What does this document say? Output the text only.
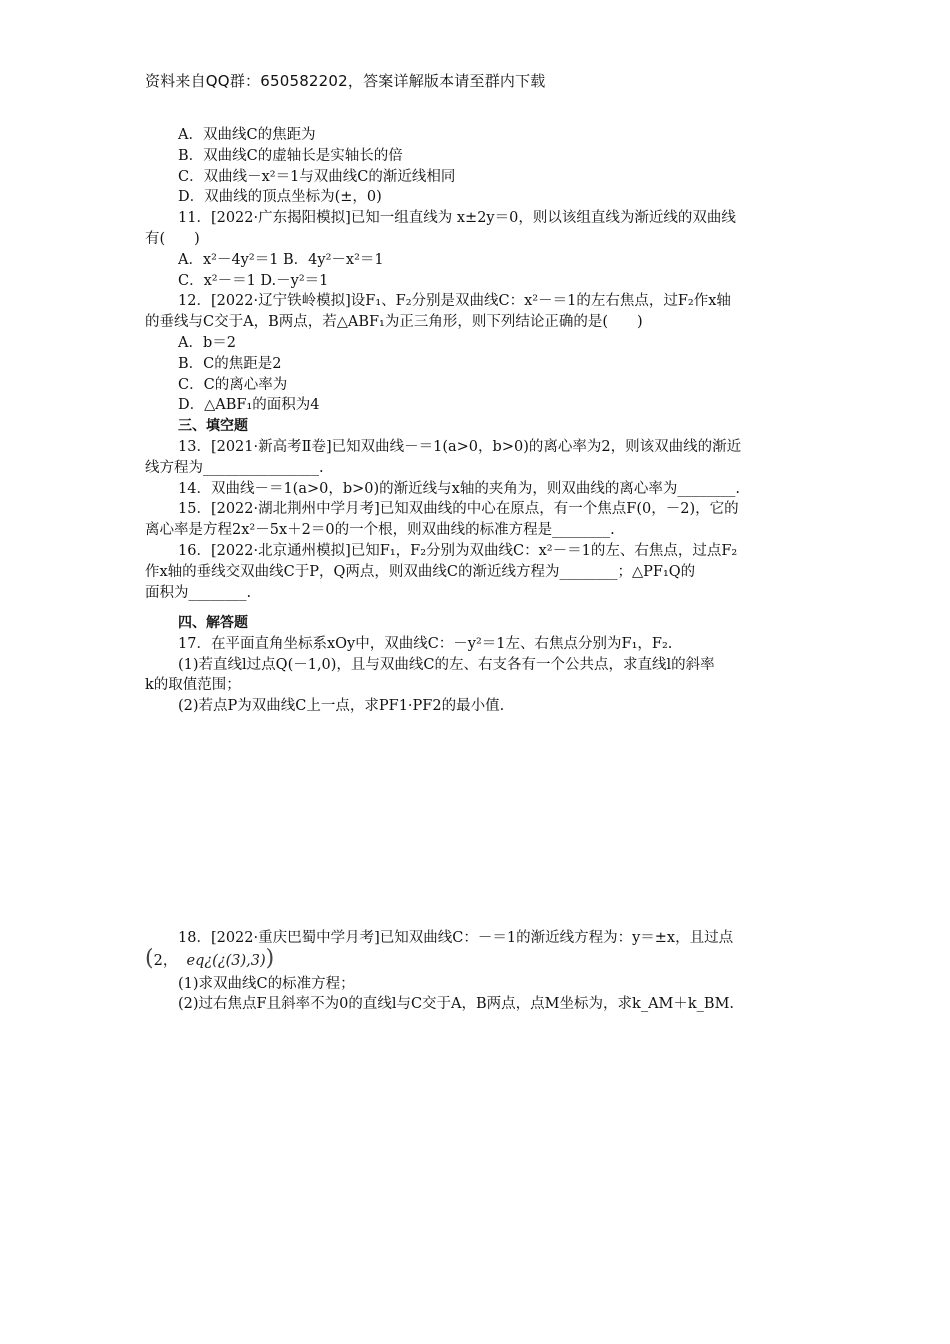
资料来自QQ群：650582202，答案详解版本请至群内下载
A．双曲线C的焦距为
B．双曲线C的虚轴长是实轴长的倍
C．双曲线－x²＝1与双曲线C的渐近线相同
D．双曲线的顶点坐标为(±，0)
11．[2022·广东揭阳模拟]已知一组直线为 x±2y＝0，则以该组直线为渐近线的双曲线
有(　　)
A．x²－4y²＝1 B．4y²－x²＝1
C．x²－＝1 D.－y²＝1
12．[2022·辽宁铁岭模拟]设F₁、F₂分别是双曲线C：x²－＝1的左右焦点，过F₂作x轴
的垂线与C交于A，B两点，若△ABF₁为正三角形，则下列结论正确的是(　　)
A．b＝2
B．C的焦距是2
C．C的离心率为
D．△ABF₁的面积为4
三、填空题
13．[2021·新高考Ⅱ卷]已知双曲线－＝1(a>0，b>0)的离心率为2，则该双曲线的渐近
线方程为________________.
14．双曲线－＝1(a>0，b>0)的渐近线与x轴的夹角为，则双曲线的离心率为________.
15．[2022·湖北荆州中学月考]已知双曲线的中心在原点，有一个焦点F(0，－2)，它的
离心率是方程2x²－5x＋2＝0的一个根，则双曲线的标准方程是________.
16．[2022·北京通州模拟]已知F₁，F₂分别为双曲线C：x²－＝1的左、右焦点，过点F₂
作x轴的垂线交双曲线C于P，Q两点，则双曲线C的渐近线方程为________；△PF₁Q的
面积为________.
四、解答题
17．在平面直角坐标系xOy中，双曲线C：－y²＝1左、右焦点分别为F₁，F₂.
(1)若直线l过点Q(－1,0)，且与双曲线C的左、右支各有一个公共点，求直线l的斜率
k的取值范围；
(2)若点P为双曲线C上一点，求PF1·PF2的最小值.
18．[2022·重庆巴蜀中学月考]已知双曲线C：－＝1的渐近线方程为：y＝±x，且过点
(2， eq¿(¿(3),3))
(1)求双曲线C的标准方程；
(2)过右焦点F且斜率不为0的直线l与C交于A，B两点，点M坐标为，求k_AM＋k_BM.
